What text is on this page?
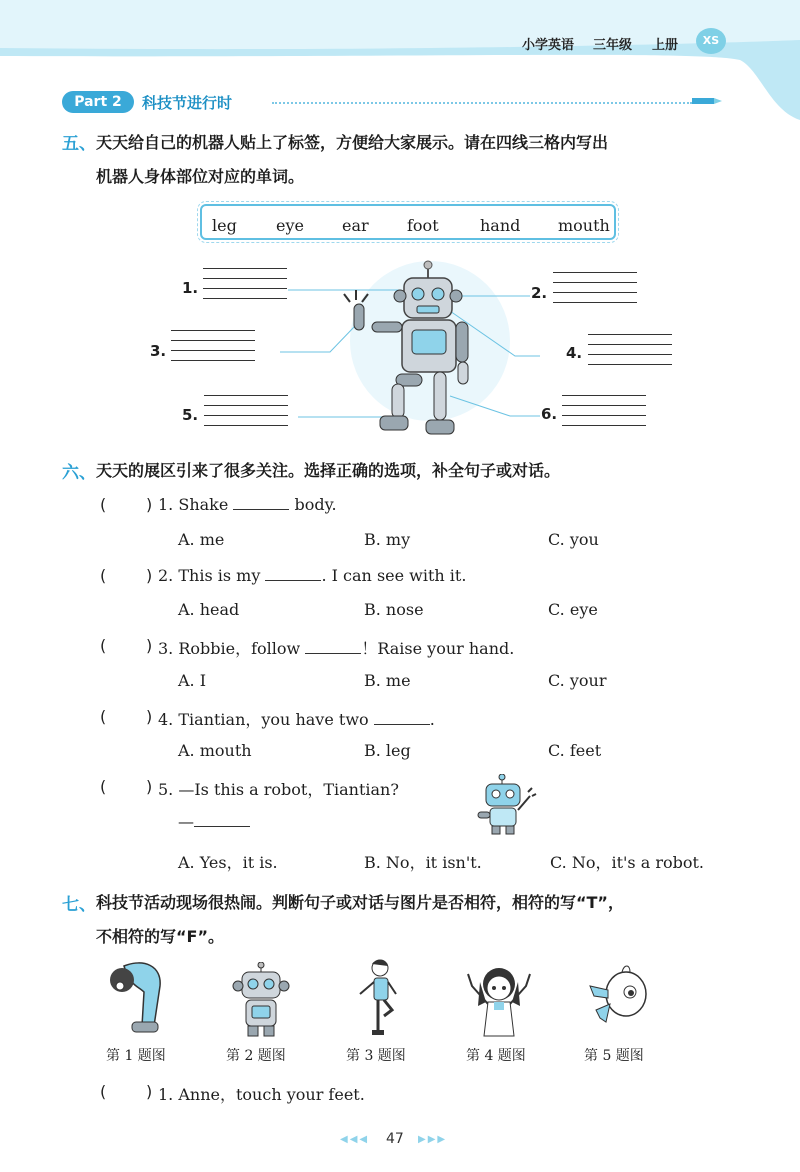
小学英语 三年级 上册	XS
Part 2	科技节进行时
五、 天天给自己的机器人贴上了标签，方便给大家展示。请在四线三格内写出
机器人身体部位对应的单词。
leg eye ear foot	hand mouth
1.	2.
3.	4.
5.	6.
六、 天天的展区引来了很多关注。选择正确的选项，补全句子或对话。
( ) 1. Shake	body.
A. me	B. my	C. you
( ) 2. This is my	. I can see with it.
A. head	B. nose	C. eye
( ) 3. Robbie，follow	！Raise your hand.
A. I	B. me	C. your
( ) 4. Tiantian，you have two	.
A. mouth	B. leg	C. feet
( ) 5. —Is this a robot，Tiantian?
—
A. Yes，it is.	B. No，it isn't.	C. No，it's a robot.
七、 科技节活动现场很热闹。判断句子或对话与图片是否相符，相符的写“T”，
不相符的写“F”。
第 1 题图	第 2 题图	第 3 题图	第 4 题图	第 5 题图
( ) 1. Anne，touch your feet.
◀◀◀ 47 ▶▶▶
